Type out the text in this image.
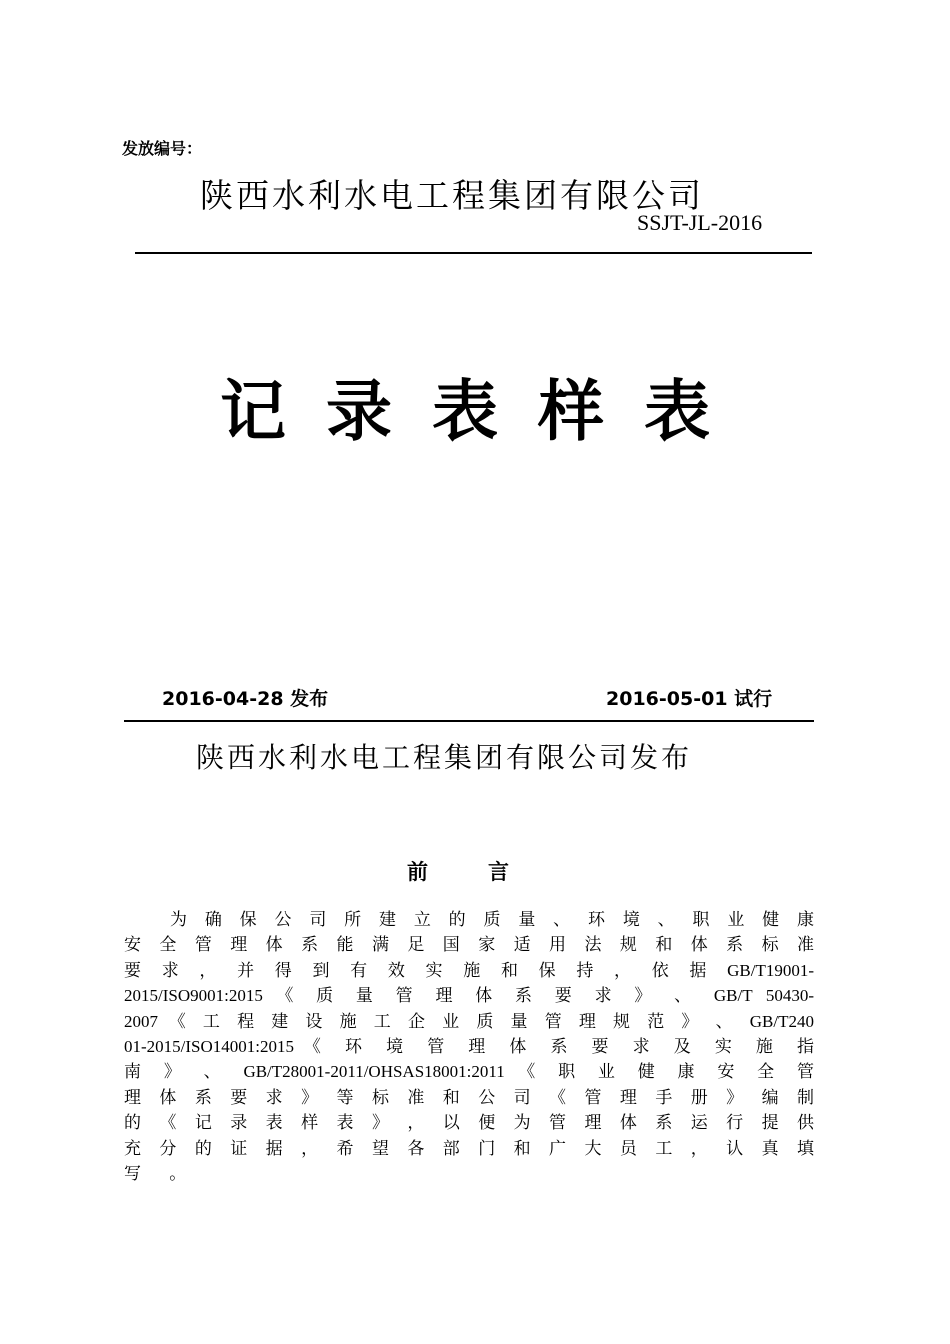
发放编号：
陕西水利水电工程集团有限公司
SSJT-JL-2016
记录表样表
2016-04-28 发布	2016-05-01 试行
陕西水利水电工程集团有限公司发布
前言
为 确 保 公 司 所 建 立 的 质 量 、 环 境 、 职 业 健 康
安 全 管 理 体 系 能 满 足 国 家 适 用 法 规 和 体 系 标 准
要 求 ， 并 得 到 有 效 实 施 和 保 持 ， 依 据 GB/T19001-
2015/ISO9001:2015 《 质 量 管 理 体 系 要 求 》 、 GB/T 50430-
2007 《 工 程 建 设 施 工 企 业 质 量 管 理 规 范 》 、 GB/T240
01-2015/ISO14001:2015《 环 境 管 理 体 系 要 求 及 实 施 指
南 》 、 GB/T28001-2011/OHSAS18001:2011 《 职 业 健 康 安 全 管
理 体 系 要 求 》 等 标 准 和 公 司 《 管 理 手 册 》 编 制
的 《 记 录 表 样 表 》 ， 以 便 为 管 理 体 系 运 行 提 供
充 分 的 证 据 ， 希 望 各 部 门 和 广 大 员 工 ， 认 真 填
写 。
